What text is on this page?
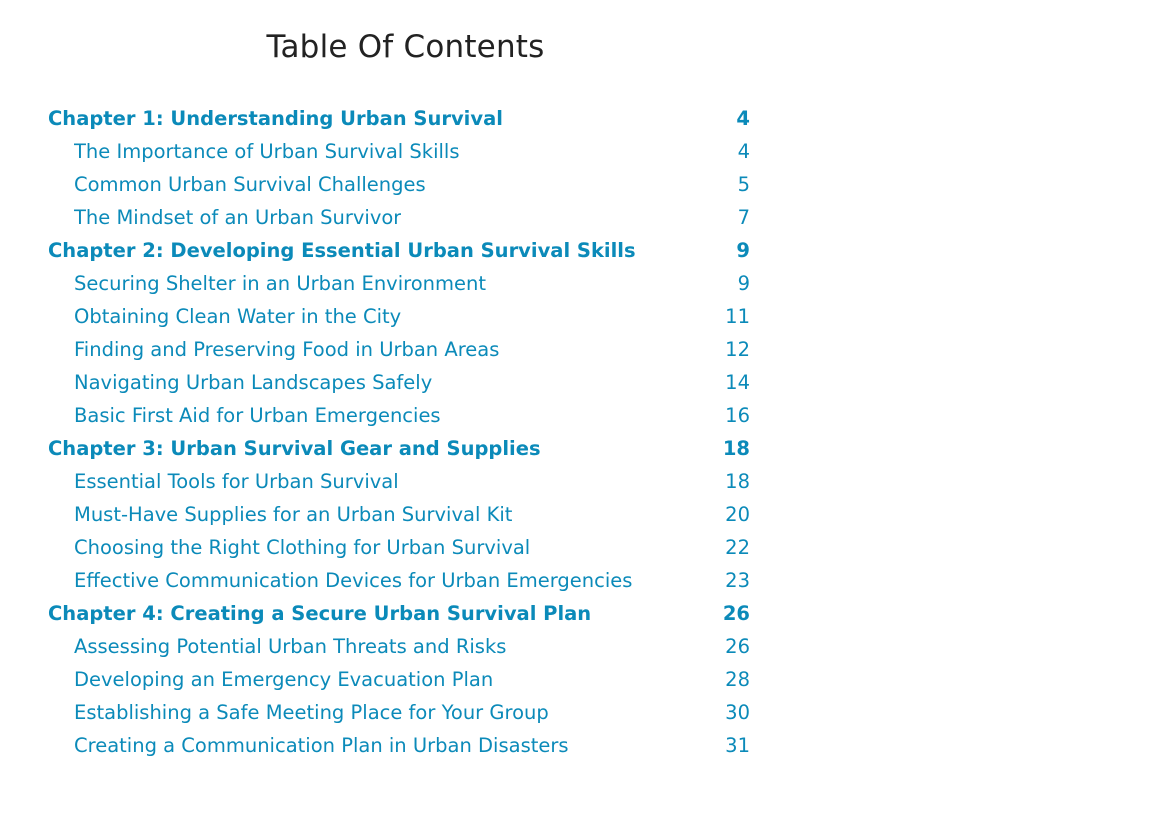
Table Of Contents
Chapter 1: Understanding Urban Survival	4
The Importance of Urban Survival Skills	4
Common Urban Survival Challenges	5
The Mindset of an Urban Survivor	7
Chapter 2: Developing Essential Urban Survival Skills	9
Securing Shelter in an Urban Environment	9
Obtaining Clean Water in the City	11
Finding and Preserving Food in Urban Areas	12
Navigating Urban Landscapes Safely	14
Basic First Aid for Urban Emergencies	16
Chapter 3: Urban Survival Gear and Supplies	18
Essential Tools for Urban Survival	18
Must-Have Supplies for an Urban Survival Kit	20
Choosing the Right Clothing for Urban Survival	22
Effective Communication Devices for Urban Emergencies	23
Chapter 4: Creating a Secure Urban Survival Plan	26
Assessing Potential Urban Threats and Risks	26
Developing an Emergency Evacuation Plan	28
Establishing a Safe Meeting Place for Your Group	30
Creating a Communication Plan in Urban Disasters	31
